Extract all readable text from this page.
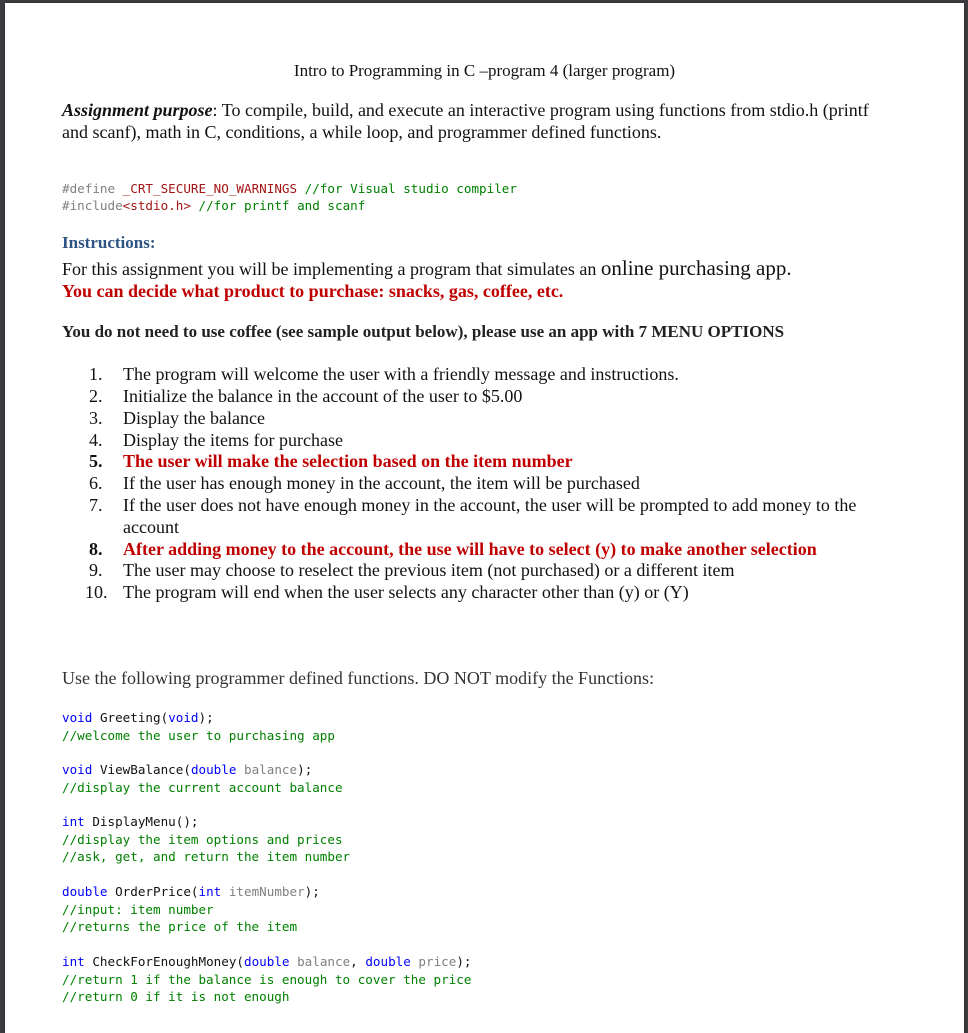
Intro to Programming in C –program 4 (larger program)
Assignment purpose: To compile, build, and execute an interactive program using functions from stdio.h (printf
and scanf), math in C, conditions, a while loop, and programmer defined functions.
#define _CRT_SECURE_NO_WARNINGS //for Visual studio compiler
#include<stdio.h> //for printf and scanf
Instructions:
For this assignment you will be implementing a program that simulates an online purchasing app.
You can decide what product to purchase: snacks, gas, coffee, etc.
You do not need to use coffee (see sample output below), please use an app with 7 MENU OPTIONS
1. The program will welcome the user with a friendly message and instructions.
2. Initialize the balance in the account of the user to $5.00
3. Display the balance
4. Display the items for purchase
5. The user will make the selection based on the item number
6. If the user has enough money in the account, the item will be purchased
7. If the user does not have enough money in the account, the user will be prompted to add money to the
account
8. After adding money to the account, the use will have to select (y) to make another selection
9. The user may choose to reselect the previous item (not purchased) or a different item
10. The program will end when the user selects any character other than (y) or (Y)
Use the following programmer defined functions. DO NOT modify the Functions:
void Greeting(void);
//welcome the user to purchasing app
void ViewBalance(double balance);
//display the current account balance
int DisplayMenu();
//display the item options and prices
//ask, get, and return the item number
double OrderPrice(int itemNumber);
//input: item number
//returns the price of the item
int CheckForEnoughMoney(double balance, double price);
//return 1 if the balance is enough to cover the price
//return 0 if it is not enough
